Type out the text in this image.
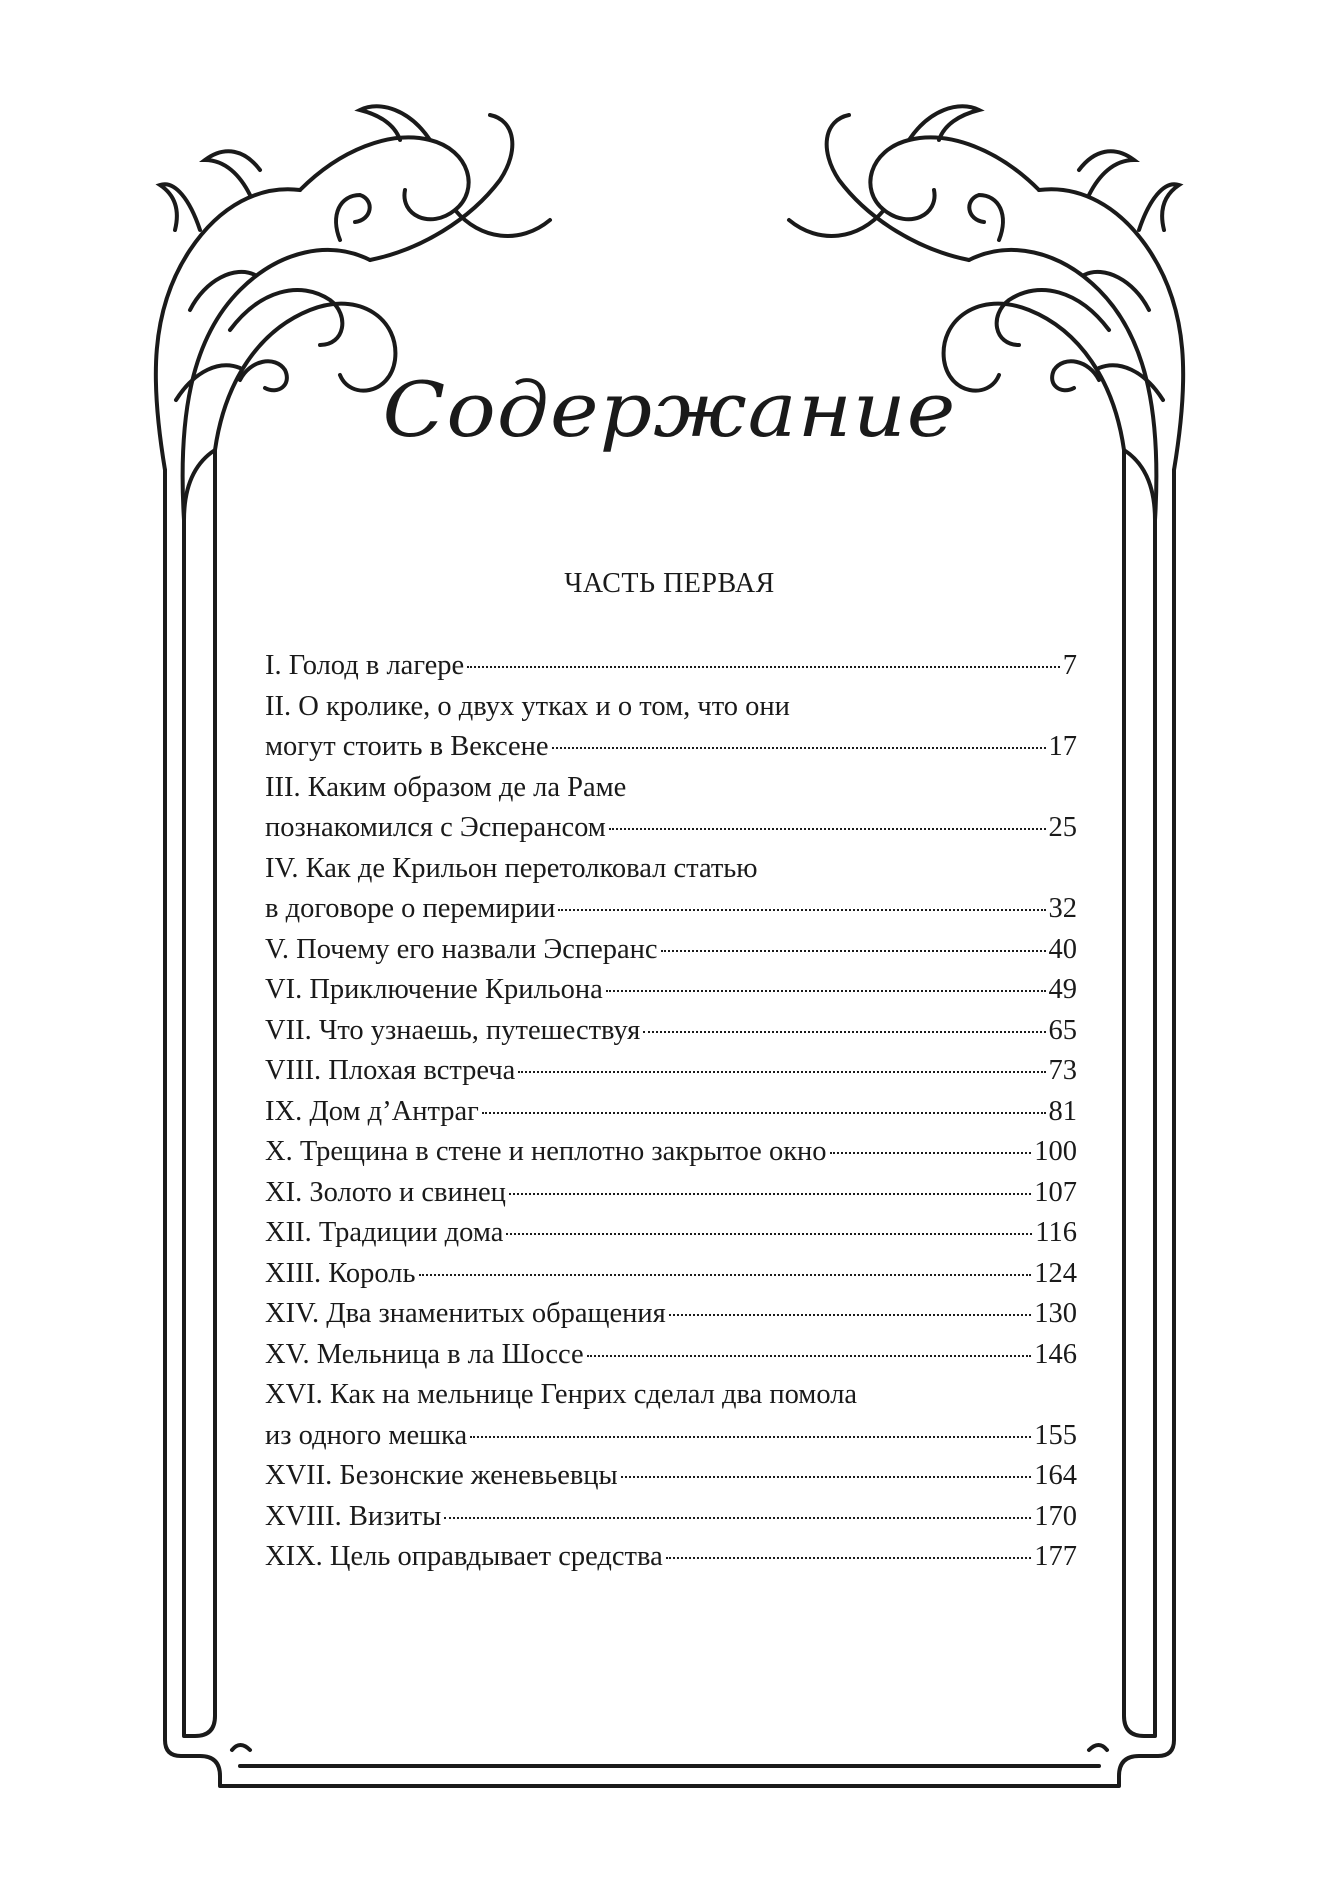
Содержание
ЧАСТЬ ПЕРВАЯ
I. Голод в лагере	7
II. О кролике, о двух утках и о том, что они
могут стоить в Вексене	17
III. Каким образом де ла Раме
познакомился с Эсперансом	25
IV. Как де Крильон перетолковал статью
в договоре о перемирии	32
V. Почему его назвали Эсперанс	40
VI. Приключение Крильона	49
VII. Что узнаешь, путешествуя	65
VIII. Плохая встреча	73
IX. Дом д’Антраг	81
X. Трещина в стене и неплотно закрытое окно	100
XI. Золото и свинец	107
XII. Традиции дома	116
XIII. Король	124
XIV. Два знаменитых обращения	130
XV. Мельница в ла Шоссе	146
XVI. Как на мельнице Генрих сделал два помола
из одного мешка	155
XVII. Безонские женевьевцы	164
XVIII. Визиты	170
XIX. Цель оправдывает средства	177
